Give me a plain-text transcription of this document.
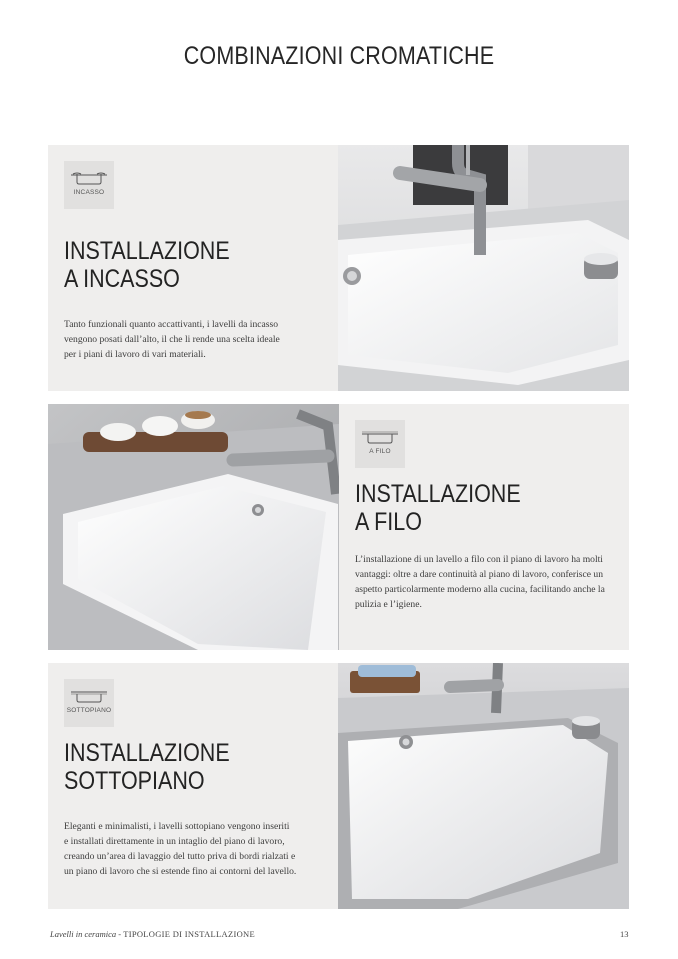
COMBINAZIONI CROMATICHE
INCASSO
INSTALLAZIONE
A INCASSO

Tanto funzionali quanto accattivanti, i lavelli da incasso
vengono posati dall’alto, il che li rende una scelta ideale
per i piani di lavoro di vari materiali.

A FILO
INSTALLAZIONE
A FILO

L’installazione di un lavello a filo con il piano di lavoro ha molti
vantaggi: oltre a dare continuità al piano di lavoro, conferisce un
aspetto particolarmente moderno alla cucina, facilitando anche la
pulizia e l’igiene.

SOTTOPIANO
INSTALLAZIONE
SOTTOPIANO

Eleganti e minimalisti, i lavelli sottopiano vengono inseriti
e installati direttamente in un intaglio del piano di lavoro,
creando un’area di lavaggio del tutto priva di bordi rialzati e
un piano di lavoro che si estende fino ai contorni del lavello.

Lavelli in ceramica - TIPOLOGIE DI INSTALLAZIONE	13
